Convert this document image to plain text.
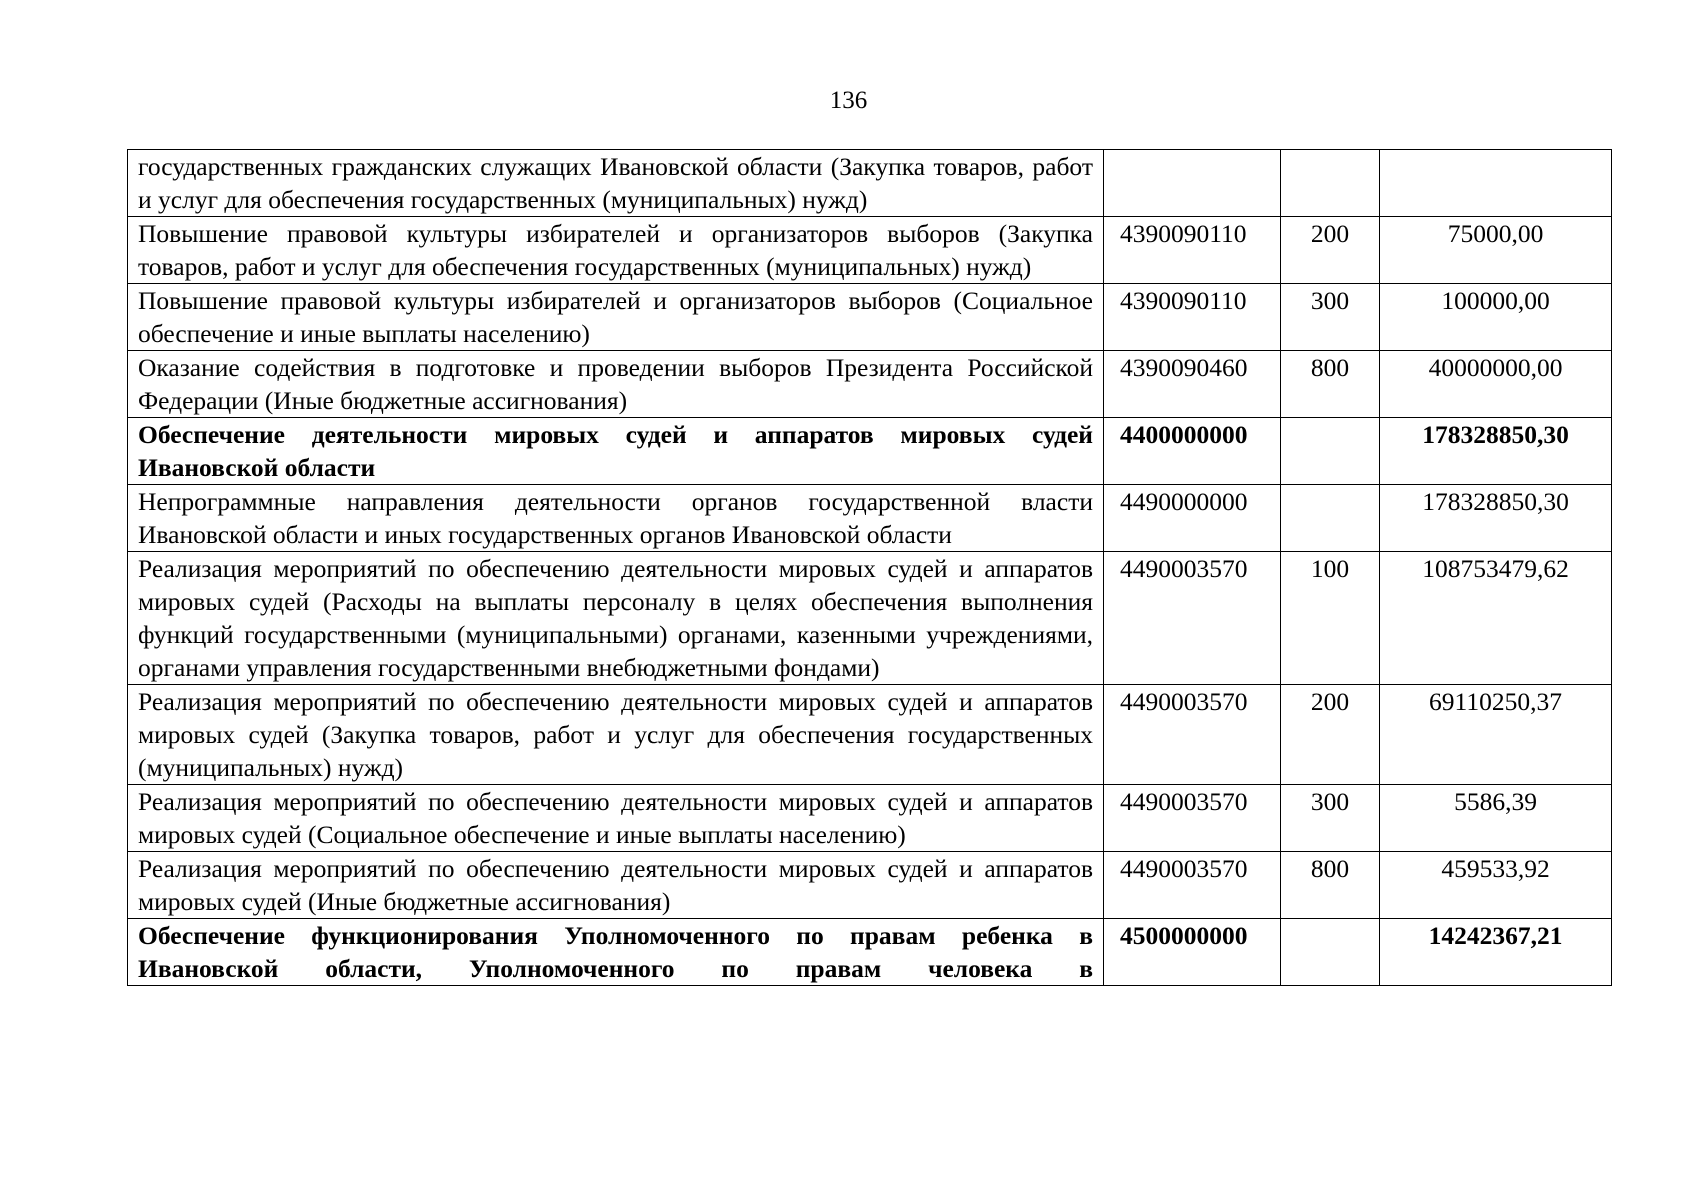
136
государственных гражданских служащих Ивановской области (Закупка товаров, работ и услуг для обеспечения государственных (муниципальных) нужд)			

Повышение правовой культуры избирателей и организаторов выборов (Закупка товаров, работ и услуг для обеспечения государственных (муниципальных) нужд)	4390090110	200	75000,00

Повышение правовой культуры избирателей и организаторов выборов (Социальное обеспечение и иные выплаты населению)	4390090110	300	100000,00

Оказание содействия в подготовке и проведении выборов Президента Российской Федерации (Иные бюджетные ассигнования)	4390090460	800	40000000,00

Обеспечение деятельности мировых судей и аппаратов мировых судей Ивановской области	4400000000		178328850,30

Непрограммные направления деятельности органов государственной власти Ивановской области и иных государственных органов Ивановской области	4490000000		178328850,30

Реализация мероприятий по обеспечению деятельности мировых судей и аппаратов мировых судей (Расходы на выплаты персоналу в целях обеспечения выполнения функций государственными (муниципальными) органами, казенными учреждениями, органами управления государственными внебюджетными фондами)	4490003570	100	108753479,62

Реализация мероприятий по обеспечению деятельности мировых судей и аппаратов мировых судей (Закупка товаров, работ и услуг для обеспечения государственных (муниципальных) нужд)	4490003570	200	69110250,37

Реализация мероприятий по обеспечению деятельности мировых судей и аппаратов мировых судей (Социальное обеспечение и иные выплаты населению)	4490003570	300	5586,39

Реализация мероприятий по обеспечению деятельности мировых судей и аппаратов мировых судей (Иные бюджетные ассигнования)	4490003570	800	459533,92

Обеспечение функционирования Уполномоченного по правам ребенка в Ивановской области, Уполномоченного по правам человека в	4500000000		14242367,21
